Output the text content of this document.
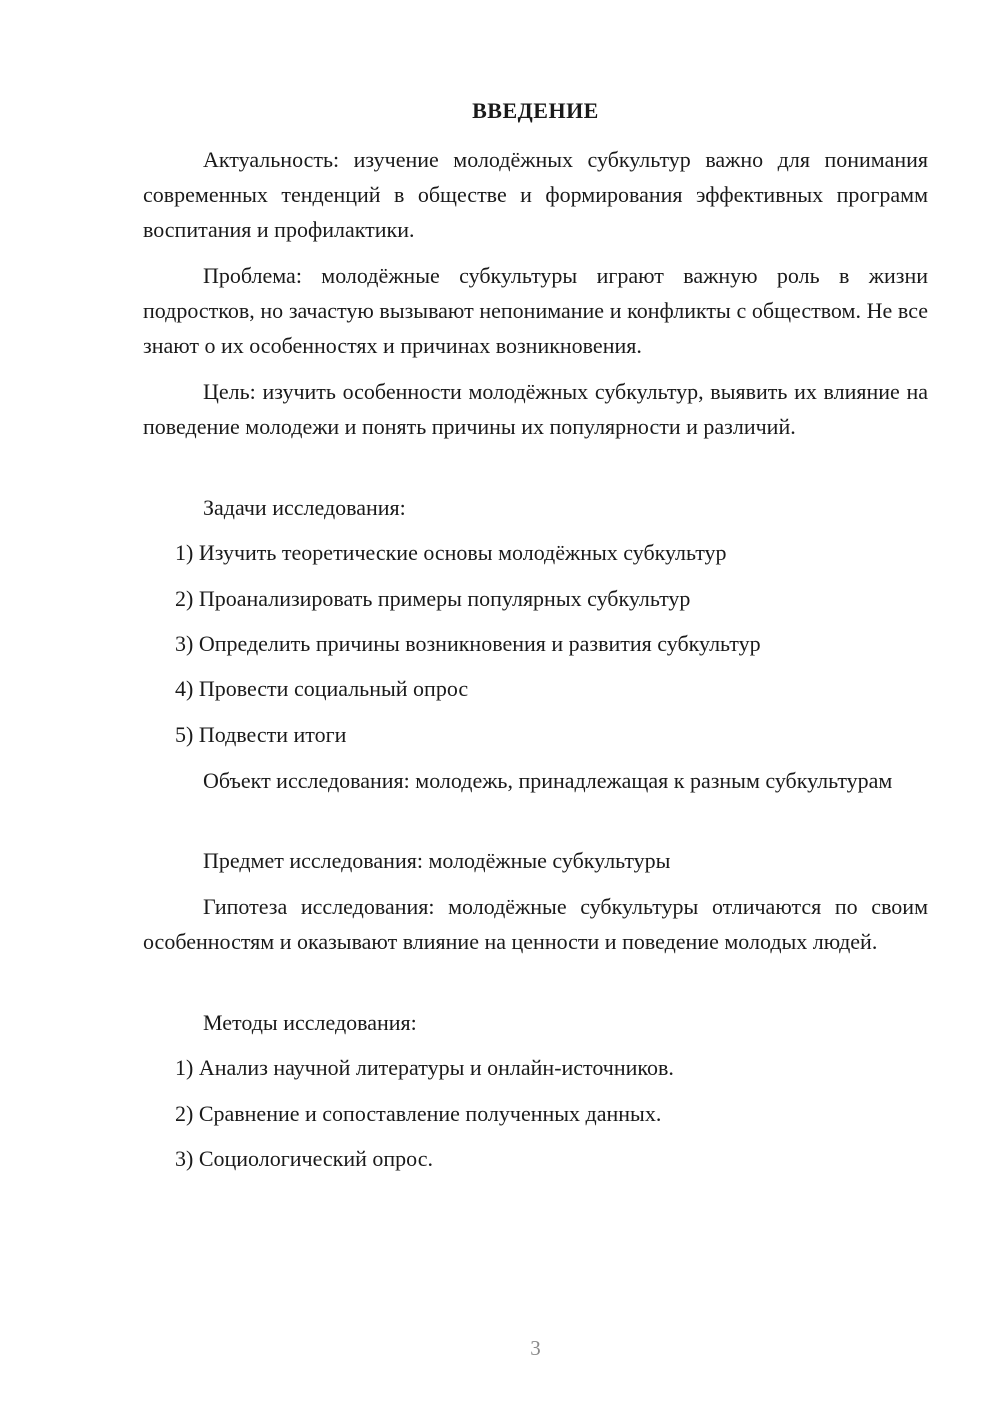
ВВЕДЕНИЕ

Актуальность: изучение молодёжных субкультур важно для понимания современных тенденций в обществе и формирования эффективных программ воспитания и профилактики.

Проблема: молодёжные субкультуры играют важную роль в жизни подростков, но зачастую вызывают непонимание и конфликты с обществом. Не все знают о их особенностях и причинах возникновения.

Цель: изучить особенности молодёжных субкультур, выявить их влияние на поведение молодежи и понять причины их популярности и различий.

Задачи исследования:

1) Изучить теоретические основы молодёжных субкультур

2) Проанализировать примеры популярных субкультур

3) Определить причины возникновения и развития субкультур

4) Провести социальный опрос

5) Подвести итоги

Объект исследования: молодежь, принадлежащая к разным субкультурам

Предмет исследования: молодёжные субкультуры

Гипотеза исследования: молодёжные субкультуры отличаются по своим особенностям и оказывают влияние на ценности и поведение молодых людей.

Методы исследования:

1) Анализ научной литературы и онлайн-источников.

2) Сравнение и сопоставление полученных данных.

3) Социологический опрос.

3
